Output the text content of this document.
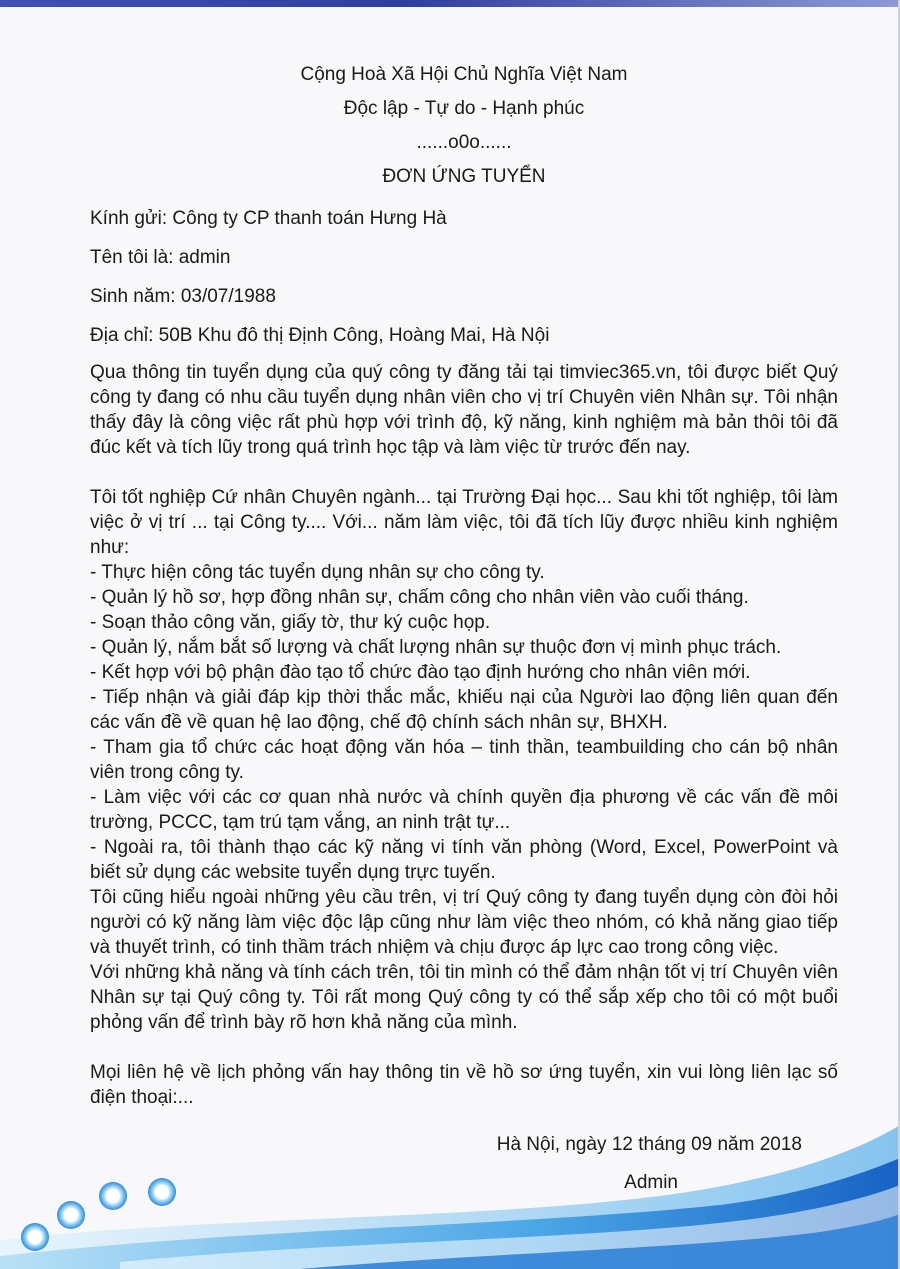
Cộng Hoà Xã Hội Chủ Nghĩa Việt Nam
Độc lập - Tự do - Hạnh phúc
......o0o......
ĐƠN ỨNG TUYỂN

Kính gửi: Công ty CP thanh toán Hưng Hà

Tên tôi là: admin

Sinh năm: 03/07/1988

Địa chỉ: 50B Khu đô thị Định Công, Hoàng Mai, Hà Nội

Qua thông tin tuyển dụng của quý công ty đăng tải tại timviec365.vn, tôi được biết Quý công ty đang có nhu cầu tuyển dụng nhân viên cho vị trí Chuyên viên Nhân sự. Tôi nhận thấy đây là công việc rất phù hợp với trình độ, kỹ năng, kinh nghiệm mà bản thôi tôi đã đúc kết và tích lũy trong quá trình học tập và làm việc từ trước đến nay.

Tôi tốt nghiệp Cứ nhân Chuyên ngành... tại Trường Đại học... Sau khi tốt nghiệp, tôi làm việc ở vị trí ... tại Công ty.... Với... năm làm việc, tôi đã tích lũy được nhiều kinh nghiệm như:

- Thực hiện công tác tuyển dụng nhân sự cho công ty.
- Quản lý hồ sơ, hợp đồng nhân sự, chấm công cho nhân viên vào cuối tháng.
- Soạn thảo công văn, giấy tờ, thư ký cuộc họp.
- Quản lý, nắm bắt số lượng và chất lượng nhân sự thuộc đơn vị mình phục trách.
- Kết hợp với bộ phận đào tạo tổ chức đào tạo định hướng cho nhân viên mới.
- Tiếp nhận và giải đáp kịp thời thắc mắc, khiếu nại của Người lao động liên quan đến các vấn đề về quan hệ lao động, chế độ chính sách nhân sự, BHXH.
- Tham gia tổ chức các hoạt động văn hóa – tinh thần, teambuilding cho cán bộ nhân viên trong công ty.
- Làm việc với các cơ quan nhà nước và chính quyền địa phương về các vấn đề môi trường, PCCC, tạm trú tạm vắng, an ninh trật tự...
- Ngoài ra, tôi thành thạo các kỹ năng vi tính văn phòng (Word, Excel, PowerPoint và biết sử dụng các website tuyển dụng trực tuyến.

Tôi cũng hiểu ngoài những yêu cầu trên, vị trí Quý công ty đang tuyển dụng còn đòi hỏi người có kỹ năng làm việc độc lập cũng như làm việc theo nhóm, có khả năng giao tiếp và thuyết trình, có tinh thầm trách nhiệm và chịu được áp lực cao trong công việc.

Với những khả năng và tính cách trên, tôi tin mình có thể đảm nhận tốt vị trí Chuyên viên Nhân sự tại Quý công ty. Tôi rất mong Quý công ty có thể sắp xếp cho tôi có một buổi phỏng vấn để trình bày rõ hơn khả năng của mình.

Mọi liên hệ về lịch phỏng vấn hay thông tin về hồ sơ ứng tuyển, xin vui lòng liên lạc số điện thoại:...

Hà Nội, ngày 12 tháng 09 năm 2018
Admin
